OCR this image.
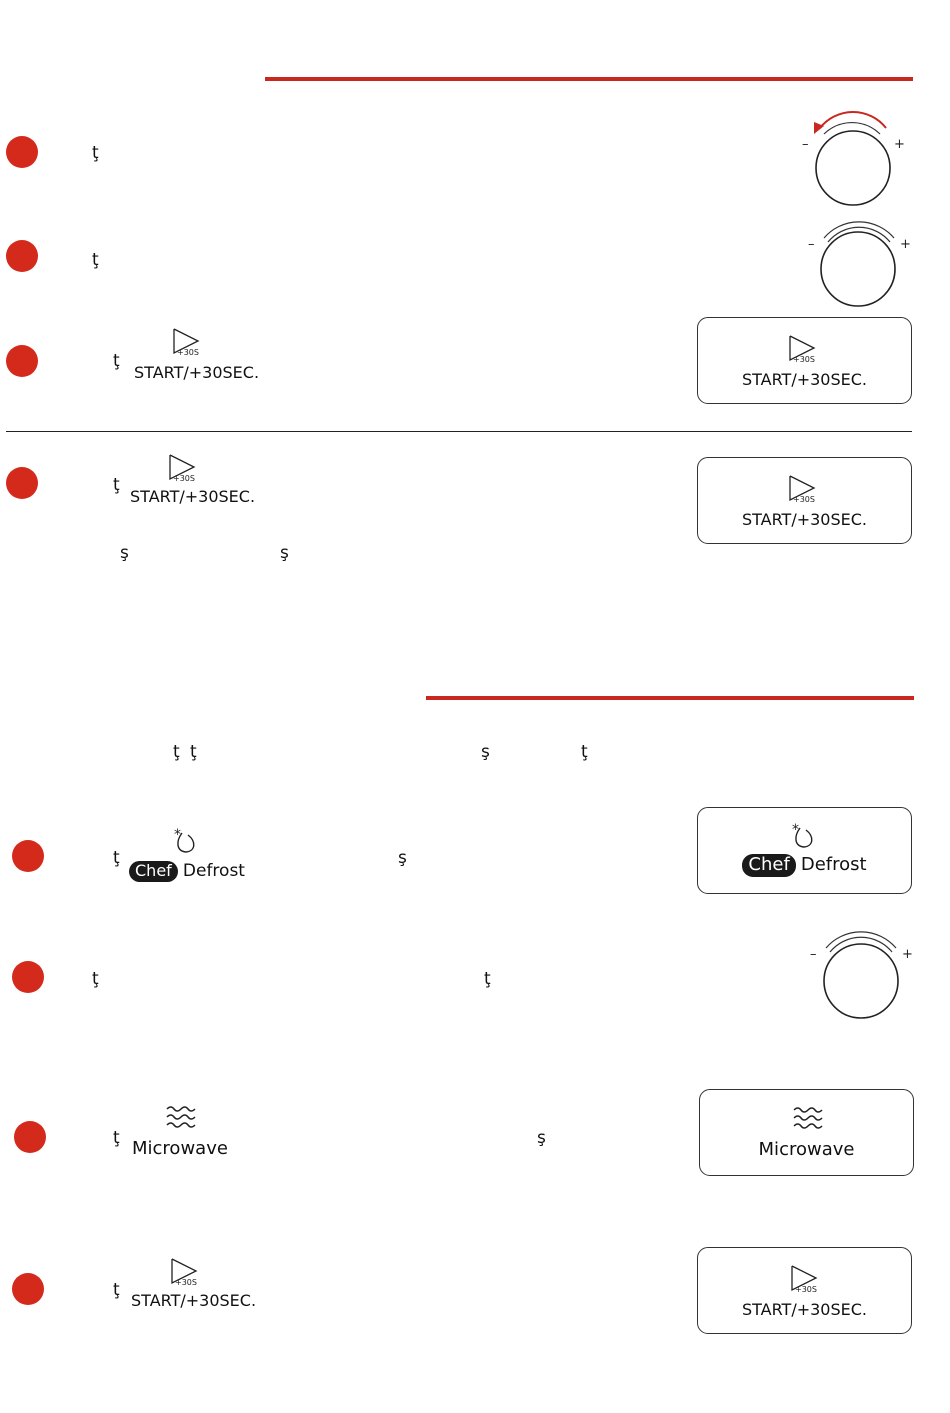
ţ	–	+
ţ
–	+
ţ	+30S
START/+30SEC.
+30S
START/+30SEC.
ţ	+30S
START/+30SEC.
ş	ş
+30S
START/+30SEC.
ţ ţ	ş	ţ
ţ
*
Chef Defrost
ş
*
Chef Defrost
ţ	ţ
–	+
ţ Microwave	ş
Microwave
ţ	+30S
START/+30SEC.
+30S
START/+30SEC.
